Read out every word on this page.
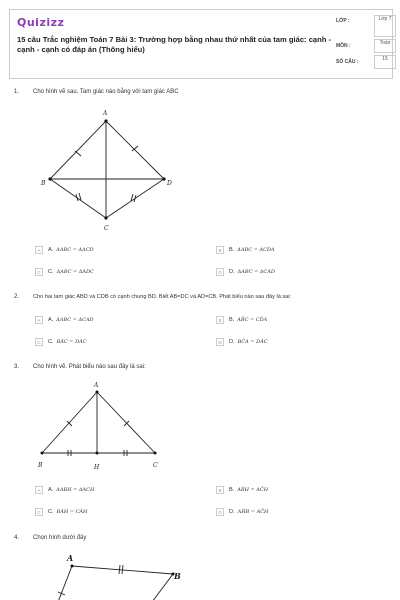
Quizizz
15 câu Trắc nghiệm Toán 7 Bài 3: Trường hợp bằng nhau thứ nhất của tam giác: cạnh - cạnh - cạnh có đáp án (Thông hiểu)
LỚP :	Lớp 7
MÔN :	Toán
SỐ CÂU :	15
1. Cho hình vẽ sau. Tam giác nào bằng với tam giác ABC
A
B	D
C
A	A. ΔABC = ΔACD	B	B. ΔABC = ΔCDA
C	C. ΔABC = ΔADC	D	D. ΔABC = ΔCAD
2. Cho hai tam giác ABD và CDB có cạnh chung BD. Biết AB=DC và AD=CB. Phát biểu nào sau đây là sai:
A	A. ΔABC = ΔCAD	B	B. AB̂C = CD̂A
C	C. BÂC = DÂC	D	D. BĈA = DÂC
3. Cho hình vẽ. Phát biểu nào sau đây là sai:
A
B	H	C
A	A. ΔABH = ΔACH	B	B. AB̂H = AĈH
C	C. BÂH = CÂH	D	D. AĤB = AĈH
4. Chọn hình dưới đây
A
B
